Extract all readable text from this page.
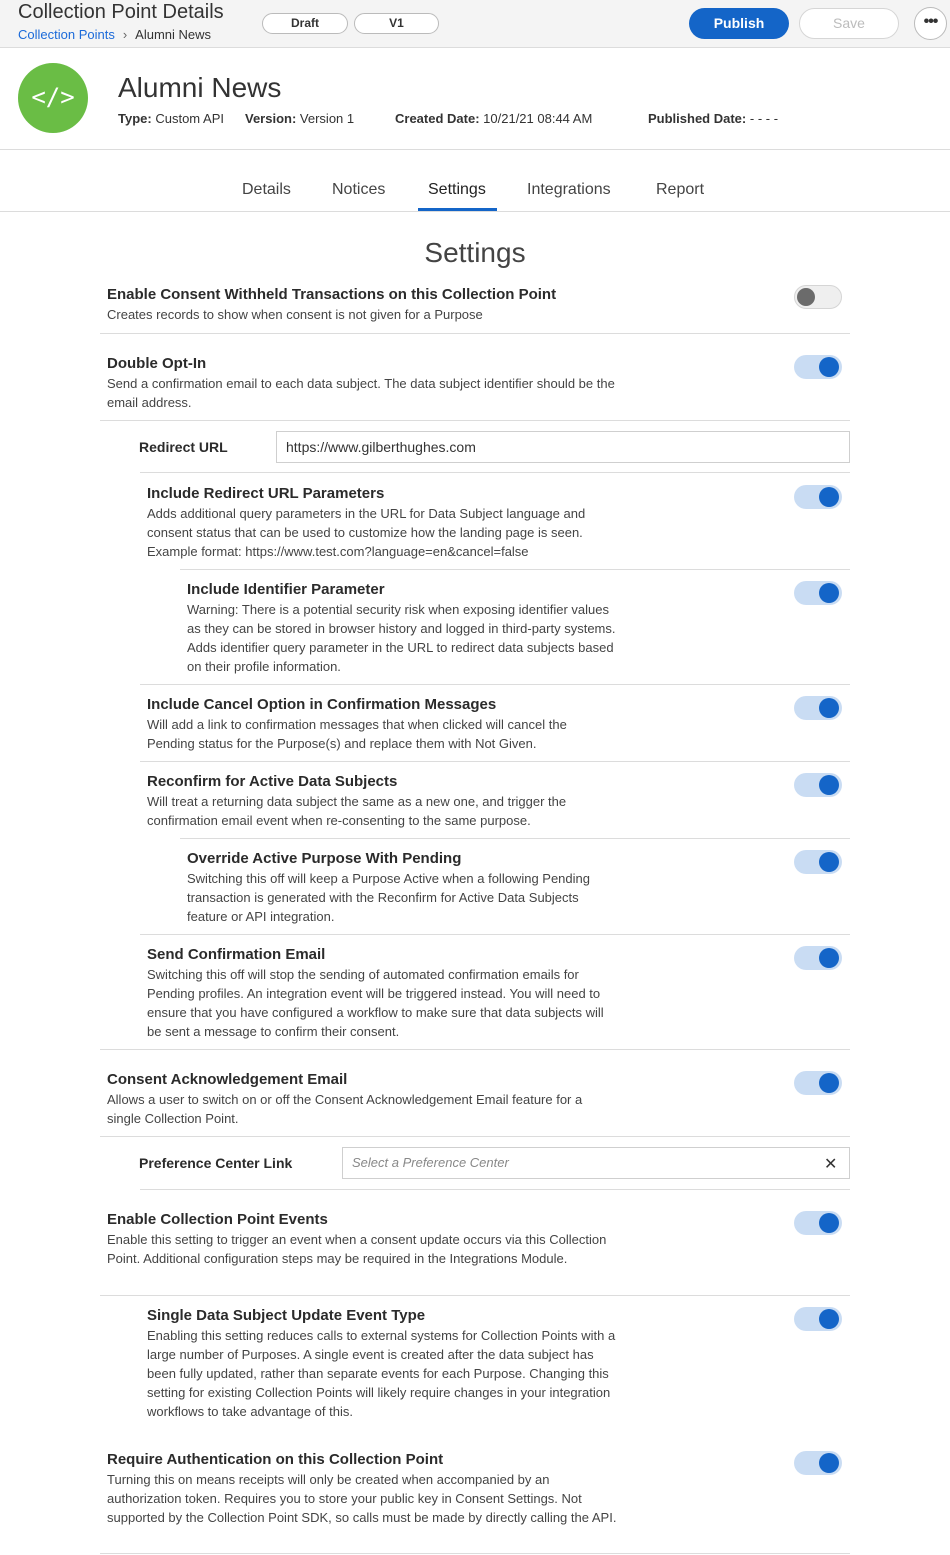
Collection Point Details
Collection Points › Alumni News
Draft	V1	Publish	Save	•••
</>	Alumni News
Type: Custom API Version: Version 1	Created Date: 10/21/21 08:44 AM	Published Date: - - - -
Details	Notices	Settings	Integrations	Report
Settings
Enable Consent Withheld Transactions on this Collection Point
Creates records to show when consent is not given for a Purpose
Double Opt-In
Send a confirmation email to each data subject. The data subject identifier should be the email address.
Redirect URL	https://www.gilberthughes.com
Include Redirect URL Parameters
Adds additional query parameters in the URL for Data Subject language and consent status that can be used to customize how the landing page is seen. Example format: https://www.test.com?language=en&cancel=false
Include Identifier Parameter
Warning: There is a potential security risk when exposing identifier values as they can be stored in browser history and logged in third-party systems. Adds identifier query parameter in the URL to redirect data subjects based on their profile information.
Include Cancel Option in Confirmation Messages
Will add a link to confirmation messages that when clicked will cancel the Pending status for the Purpose(s) and replace them with Not Given.
Reconfirm for Active Data Subjects
Will treat a returning data subject the same as a new one, and trigger the confirmation email event when re-consenting to the same purpose.
Override Active Purpose With Pending
Switching this off will keep a Purpose Active when a following Pending transaction is generated with the Reconfirm for Active Data Subjects feature or API integration.
Send Confirmation Email
Switching this off will stop the sending of automated confirmation emails for Pending profiles. An integration event will be triggered instead. You will need to ensure that you have configured a workflow to make sure that data subjects will be sent a message to confirm their consent.
Consent Acknowledgement Email
Allows a user to switch on or off the Consent Acknowledgement Email feature for a single Collection Point.
Preference Center Link	Select a Preference Center	✕
Enable Collection Point Events
Enable this setting to trigger an event when a consent update occurs via this Collection Point. Additional configuration steps may be required in the Integrations Module.
Single Data Subject Update Event Type
Enabling this setting reduces calls to external systems for Collection Points with a large number of Purposes. A single event is created after the data subject has been fully updated, rather than separate events for each Purpose. Changing this setting for existing Collection Points will likely require changes in your integration workflows to take advantage of this.
Require Authentication on this Collection Point
Turning this on means receipts will only be created when accompanied by an authorization token. Requires you to store your public key in Consent Settings. Not supported by the Collection Point SDK, so calls must be made by directly calling the API.
